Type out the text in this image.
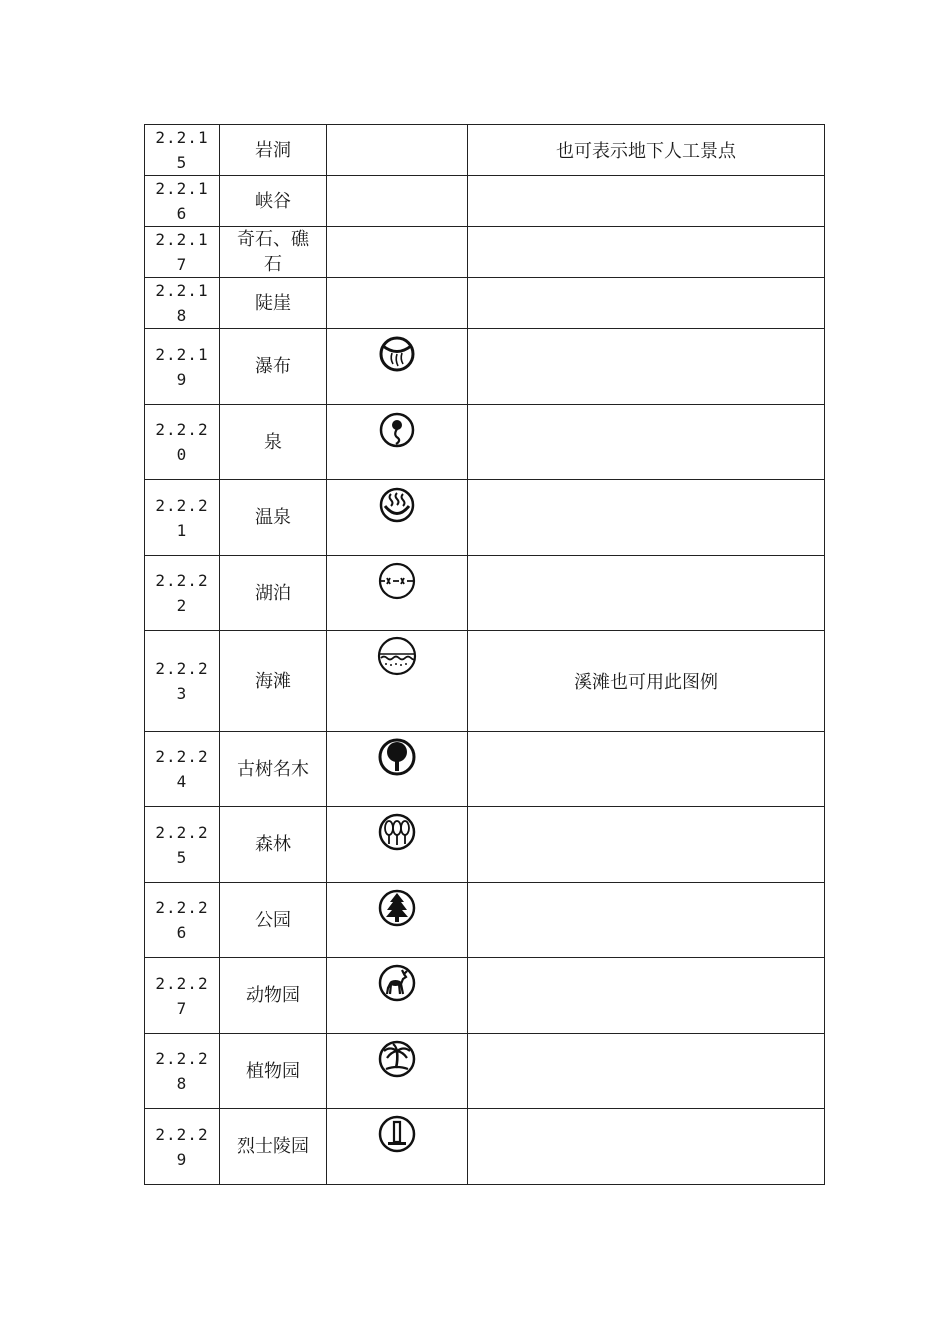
2.2.15	岩洞		也可表示地下人工景点
2.2.16	峡谷		
2.2.17	奇石、礁石		
2.2.18	陡崖		
2.2.19	瀑布	

2.2.20	泉	

2.2.21	温泉	

2.2.22	湖泊	

2.2.23	海滩		溪滩也可用此图例
2.2.24	古树名木	

2.2.25	森林	

2.2.26	公园	

2.2.27	动物园	

2.2.28	植物园	

2.2.29	烈士陵园	
